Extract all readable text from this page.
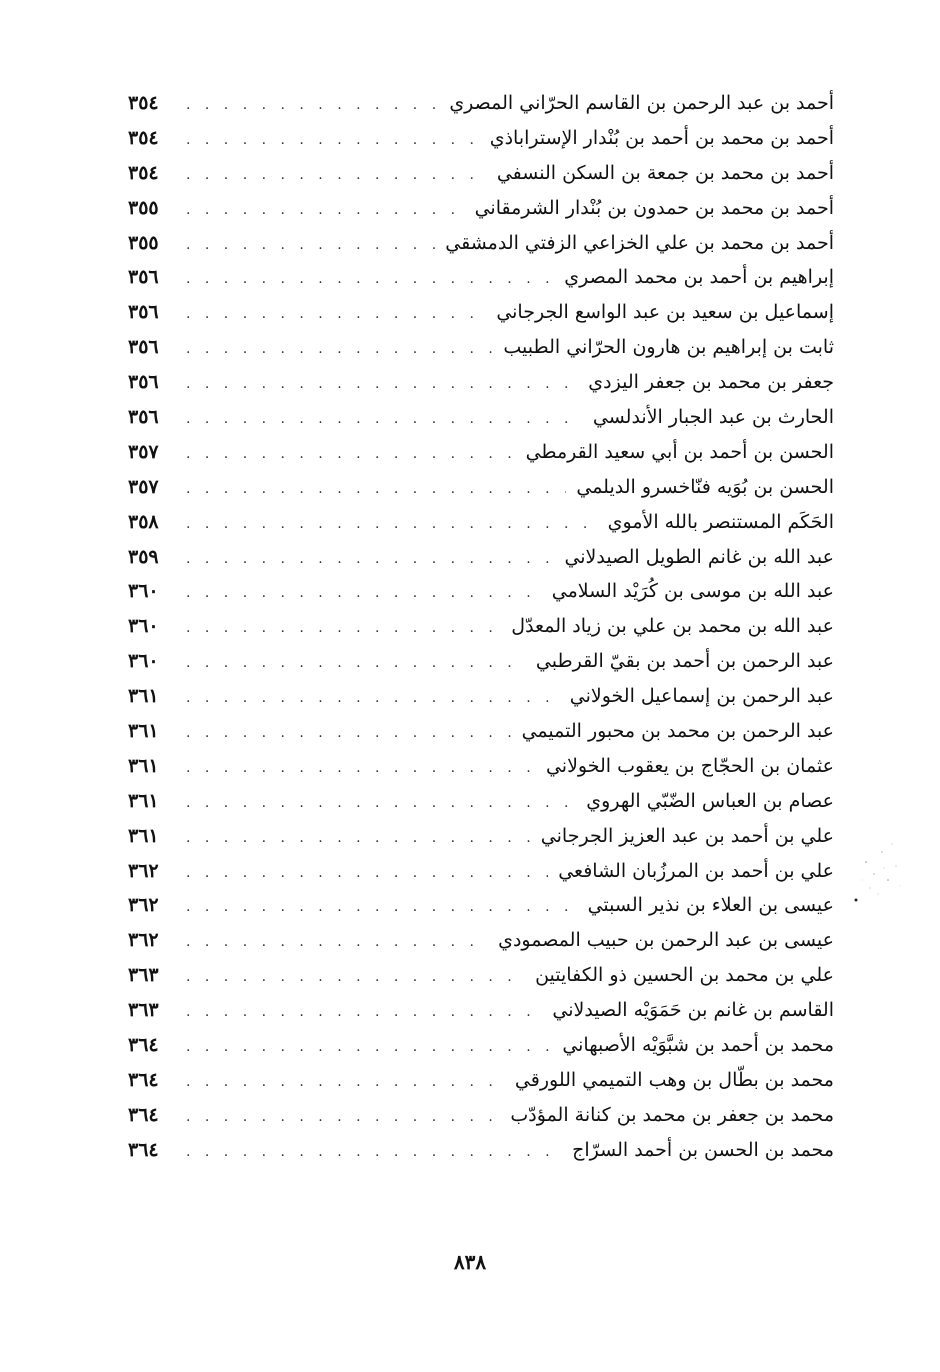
أحمد بن عبد الرحمن بن القاسم الحرّاني المصري
. . .
٣٥٤
أحمد بن محمد بن أحمد بن بُنْدار الإستراباذي
. . .
٣٥٤
أحمد بن محمد بن جمعة بن السكن النسفي
. . .
٣٥٤
أحمد بن محمد بن حمدون بن بُنْدار الشرمقاني
. . .
٣٥٥
أحمد بن محمد بن علي الخزاعي الزفتي الدمشقي
. . .
٣٥٥
إبراهيم بن أحمد بن محمد المصري
. . .
٣٥٦
إسماعيل بن سعيد بن عبد الواسع الجرجاني
. . .
٣٥٦
ثابت بن إبراهيم بن هارون الحرّاني الطبيب
. . .
٣٥٦
جعفر بن محمد بن جعفر اليزدي
. . .
٣٥٦
الحارث بن عبد الجبار الأندلسي
. . .
٣٥٦
الحسن بن أحمد بن أبي سعيد القرمطي
. . .
٣٥٧
الحسن بن بُوَيه فنّاخسرو الديلمي
. . .
٣٥٧
الحَكَم المستنصر بالله الأموي
. . .
٣٥٨
عبد الله بن غانم الطويل الصيدلاني
. . .
٣٥٩
عبد الله بن موسى بن كُرَيْد السلامي
. . .
٣٦٠
عبد الله بن محمد بن علي بن زياد المعدّل
. . .
٣٦٠
عبد الرحمن بن أحمد بن بقيّ القرطبي
. . .
٣٦٠
عبد الرحمن بن إسماعيل الخولاني
. . .
٣٦١
عبد الرحمن بن محمد بن محبور التميمي
. . .
٣٦١
عثمان بن الحجّاج بن يعقوب الخولاني
. . .
٣٦١
عصام بن العباس الضّبّي الهروي
. . .
٣٦١
علي بن أحمد بن عبد العزيز الجرجاني
. . .
٣٦١
علي بن أحمد بن المرزُبان الشافعي
. . .
٣٦٢
عيسى بن العلاء بن نذير السبتي
. . .
٣٦٢
عيسى بن عبد الرحمن بن حبيب المصمودي
. . .
٣٦٢
علي بن محمد بن الحسين ذو الكفايتين
. . .
٣٦٣
القاسم بن غانم بن حَمَوَيْه الصيدلاني
. . .
٣٦٣
محمد بن أحمد بن شبَّوَيْه الأصبهاني
. . .
٣٦٤
محمد بن بطّال بن وهب التميمي اللورقي
. . .
٣٦٤
محمد بن جعفر بن محمد بن كنانة المؤدّب
. . .
٣٦٤
محمد بن الحسن بن أحمد السرّاج
. . .
٣٦٤
٨٣٨
